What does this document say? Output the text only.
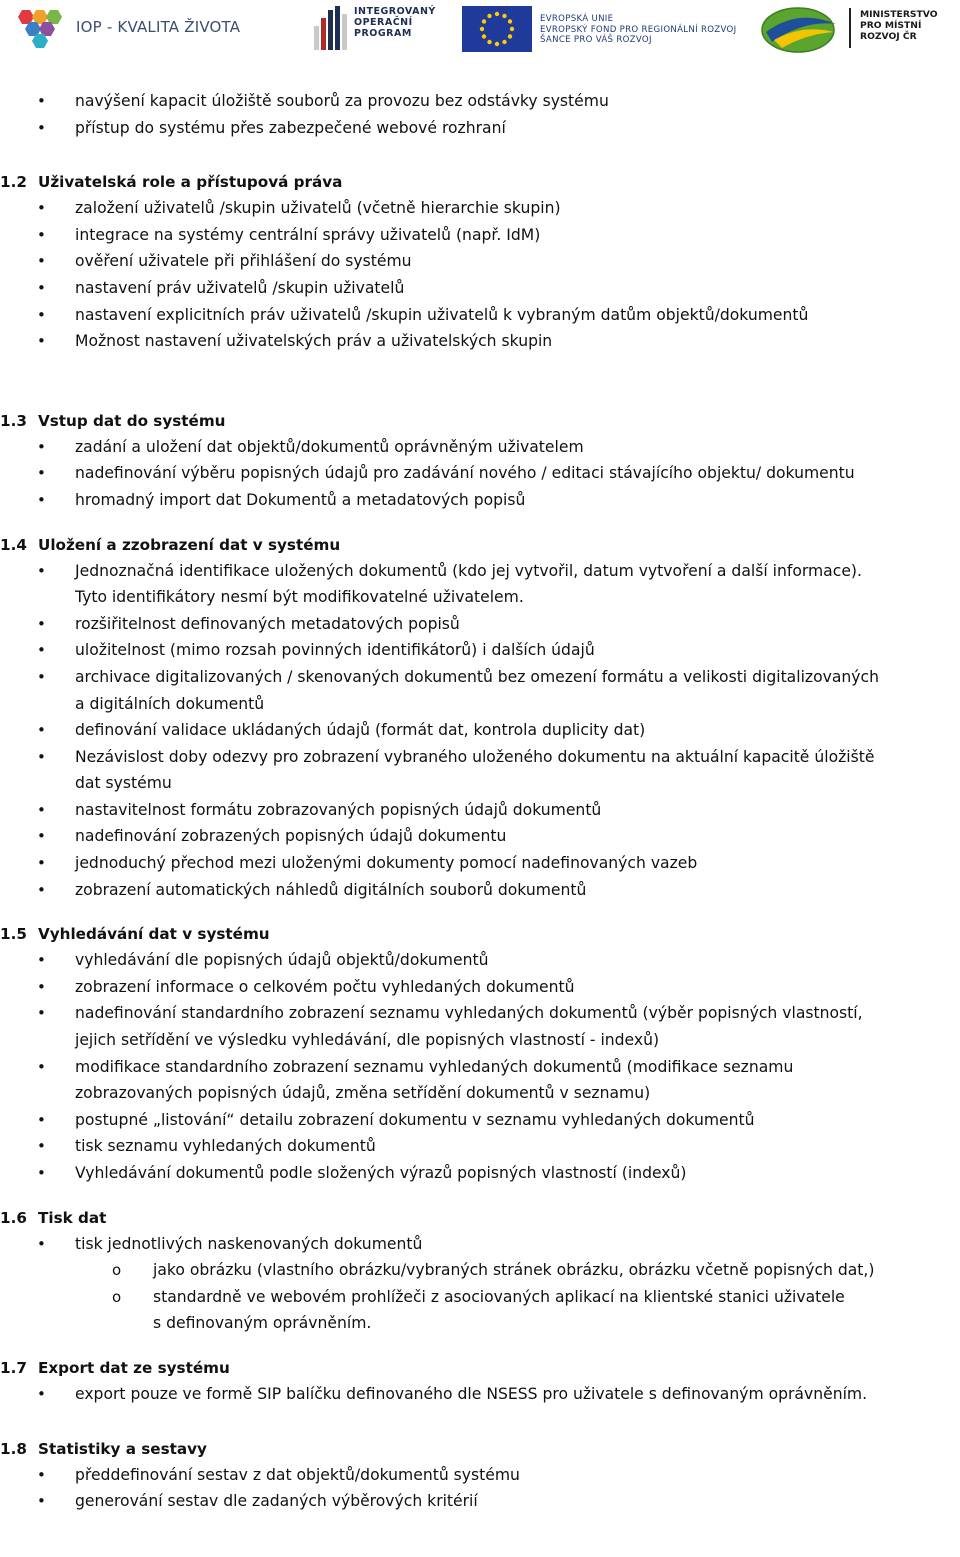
IOP - KVALITA ŽIVOTA
INTEGROVANÝ
OPERAČNÍ
PROGRAM
EVROPSKÁ UNIE
EVROPSKÝ FOND PRO REGIONÁLNÍ ROZVOJ
ŠANCE PRO VÁŠ ROZVOJ
MINISTERSTVO
PRO MÍSTNÍ
ROZVOJ ČR
• navýšení kapacit úložiště souborů za provozu bez odstávky systému
• přístup do systému přes zabezpečené webové rozhraní
1.2 Uživatelská role a přístupová práva
• založení uživatelů /skupin uživatelů (včetně hierarchie skupin)
• integrace na systémy centrální správy uživatelů (např. IdM)
• ověření uživatele při přihlášení do systému
• nastavení práv uživatelů /skupin uživatelů
• nastavení explicitních práv uživatelů /skupin uživatelů k vybraným datům objektů/dokumentů
• Možnost nastavení uživatelských práv a uživatelských skupin
1.3 Vstup dat do systému
• zadání a uložení dat objektů/dokumentů oprávněným uživatelem
• nadefinování výběru popisných údajů pro zadávání nového / editaci stávajícího objektu/ dokumentu
• hromadný import dat Dokumentů a metadatových popisů
1.4 Uložení a zzobrazení dat v systému
• Jednoznačná identifikace uložených dokumentů (kdo jej vytvořil, datum vytvoření a další informace).
Tyto identifikátory nesmí být modifikovatelné uživatelem.
• rozšiřitelnost definovaných metadatových popisů
• uložitelnost (mimo rozsah povinných identifikátorů) i dalších údajů
• archivace digitalizovaných / skenovaných dokumentů bez omezení formátu a velikosti digitalizovaných
a digitálních dokumentů
• definování validace ukládaných údajů (formát dat, kontrola duplicity dat)
• Nezávislost doby odezvy pro zobrazení vybraného uloženého dokumentu na aktuální kapacitě úložiště
dat systému
• nastavitelnost formátu zobrazovaných popisných údajů dokumentů
• nadefinování zobrazených popisných údajů dokumentu
• jednoduchý přechod mezi uloženými dokumenty pomocí nadefinovaných vazeb
• zobrazení automatických náhledů digitálních souborů dokumentů
1.5 Vyhledávání dat v systému
• vyhledávání dle popisných údajů objektů/dokumentů
• zobrazení informace o celkovém počtu vyhledaných dokumentů
• nadefinování standardního zobrazení seznamu vyhledaných dokumentů (výběr popisných vlastností,
jejich setřídění ve výsledku vyhledávání, dle popisných vlastností - indexů)
• modifikace standardního zobrazení seznamu vyhledaných dokumentů (modifikace seznamu
zobrazovaných popisných údajů, změna setřídění dokumentů v seznamu)
• postupné „listování“ detailu zobrazení dokumentu v seznamu vyhledaných dokumentů
• tisk seznamu vyhledaných dokumentů
• Vyhledávání dokumentů podle složených výrazů popisných vlastností (indexů)
1.6 Tisk dat
• tisk jednotlivých naskenovaných dokumentů
o jako obrázku (vlastního obrázku/vybraných stránek obrázku, obrázku včetně popisných dat,)
o standardně ve webovém prohlížeči z asociovaných aplikací na klientské stanici uživatele
s definovaným oprávněním.
1.7 Export dat ze systému
• export pouze ve formě SIP balíčku definovaného dle NSESS pro uživatele s definovaným oprávněním.
1.8 Statistiky a sestavy
• předdefinování sestav z dat objektů/dokumentů systému
• generování sestav dle zadaných výběrových kritérií
